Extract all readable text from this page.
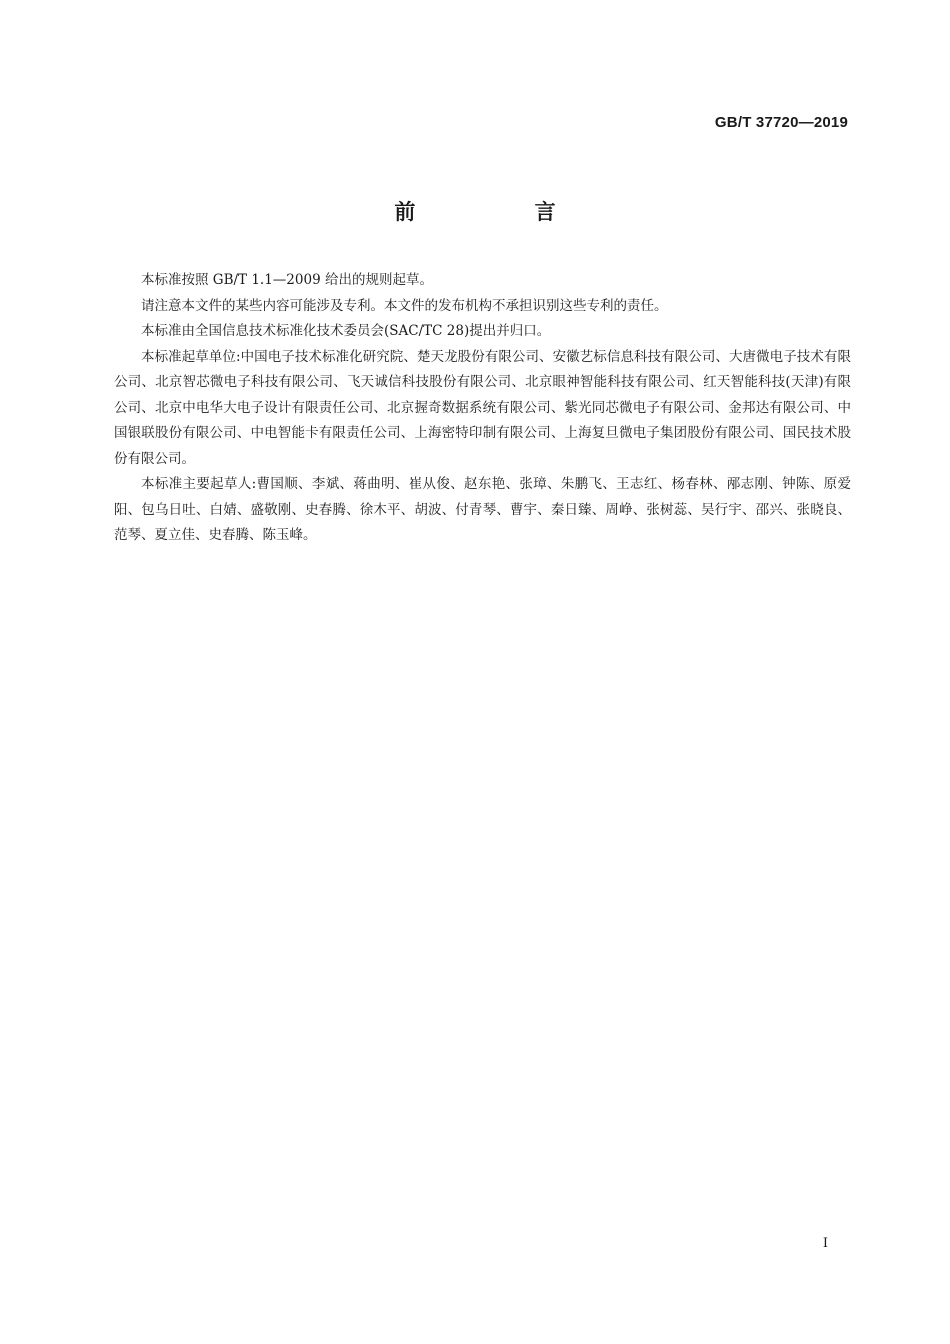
GB/T 37720—2019
前 言

本标准按照 GB/T 1.1—2009 给出的规则起草。

请注意本文件的某些内容可能涉及专利。本文件的发布机构不承担识别这些专利的责任。

本标准由全国信息技术标准化技术委员会(SAC/TC 28)提出并归口。

本标准起草单位:中国电子技术标准化研究院、楚天龙股份有限公司、安徽艺标信息科技有限公司、大唐微电子技术有限公司、北京智芯微电子科技有限公司、飞天诚信科技股份有限公司、北京眼神智能科技有限公司、红天智能科技(天津)有限公司、北京中电华大电子设计有限责任公司、北京握奇数据系统有限公司、紫光同芯微电子有限公司、金邦达有限公司、中国银联股份有限公司、中电智能卡有限责任公司、上海密特印制有限公司、上海复旦微电子集团股份有限公司、国民技术股份有限公司。

本标准主要起草人:曹国顺、李斌、蒋曲明、崔从俊、赵东艳、张璋、朱鹏飞、王志红、杨春林、邴志刚、钟陈、原爱阳、包乌日吐、白婧、盛敬刚、史春腾、徐木平、胡波、付青琴、曹宇、秦日臻、周峥、张树蕊、吴行宇、邵兴、张晓良、范琴、夏立佳、史春腾、陈玉峰。

I
